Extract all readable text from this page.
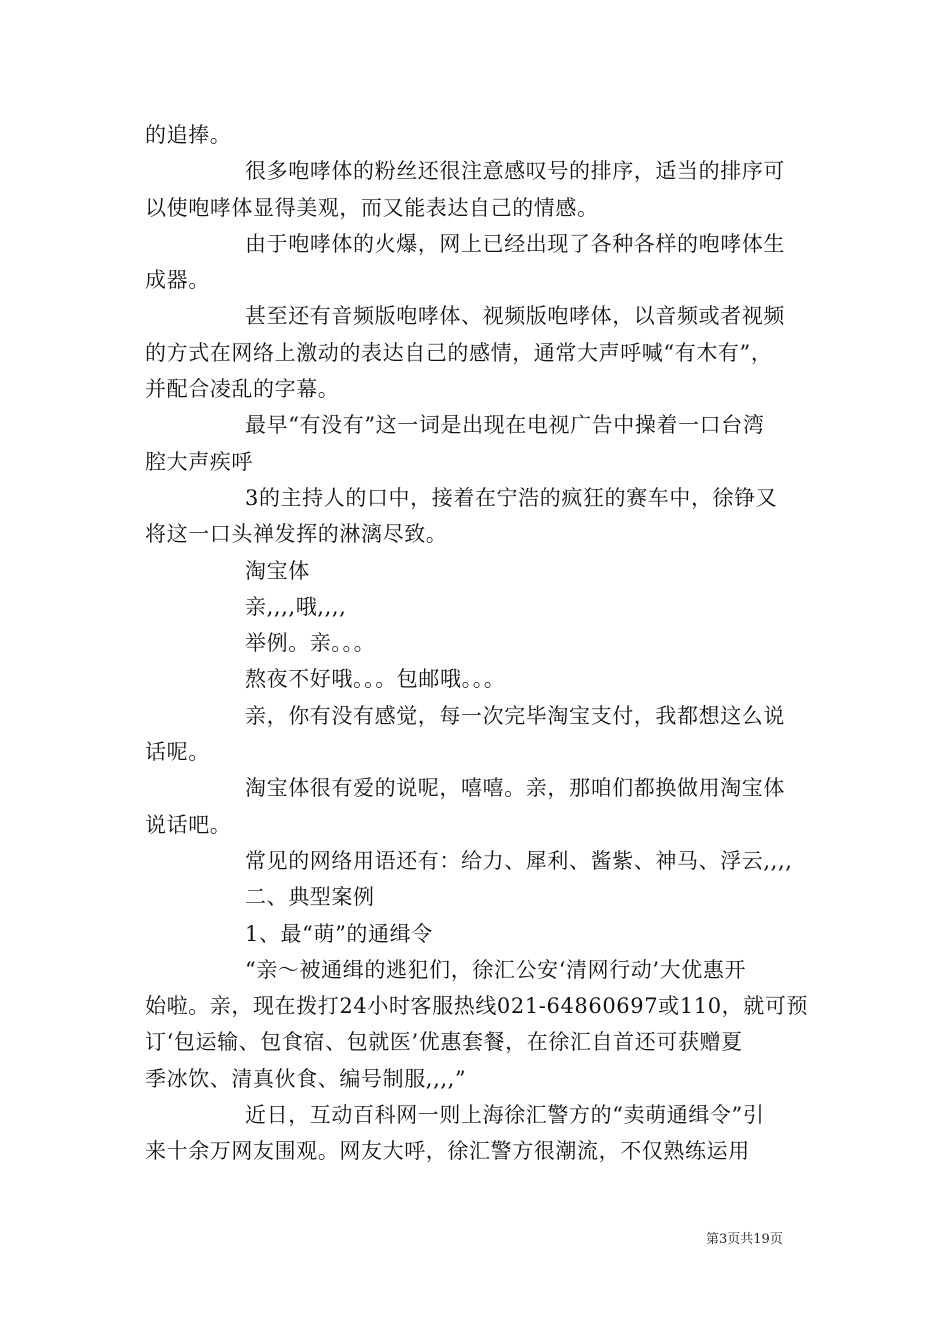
的追捧。
很多咆哮体的粉丝还很注意感叹号的排序，适当的排序可
以使咆哮体显得美观，而又能表达自己的情感。
由于咆哮体的火爆，网上已经出现了各种各样的咆哮体生
成器。
甚至还有音频版咆哮体、视频版咆哮体，以音频或者视频
的方式在网络上激动的表达自己的感情，通常大声呼喊“有木有”，
并配合凌乱的字幕。
最早“有没有”这一词是出现在电视广告中操着一口台湾
腔大声疾呼
3的主持人的口中，接着在宁浩的疯狂的赛车中，徐铮又
将这一口头禅发挥的淋漓尽致。
淘宝体
亲,,,,哦,,,,
举例。亲。。。
熬夜不好哦。。。包邮哦。。。
亲，你有没有感觉，每一次完毕淘宝支付，我都想这么说
话呢。
淘宝体很有爱的说呢，嘻嘻。亲，那咱们都换做用淘宝体
说话吧。
常见的网络用语还有：给力、犀利、酱紫、神马、浮云,,,,
二、典型案例
1、最“萌”的通缉令
“亲～被通缉的逃犯们，徐汇公安‘清网行动’大优惠开
始啦。亲，现在拨打24小时客服热线021-64860697或110，就可预
订‘包运输、包食宿、包就医’优惠套餐，在徐汇自首还可获赠夏
季冰饮、清真伙食、编号制服,,,,”
近日，互动百科网一则上海徐汇警方的“卖萌通缉令”引
来十余万网友围观。网友大呼，徐汇警方很潮流，不仅熟练运用
第3页共19页
